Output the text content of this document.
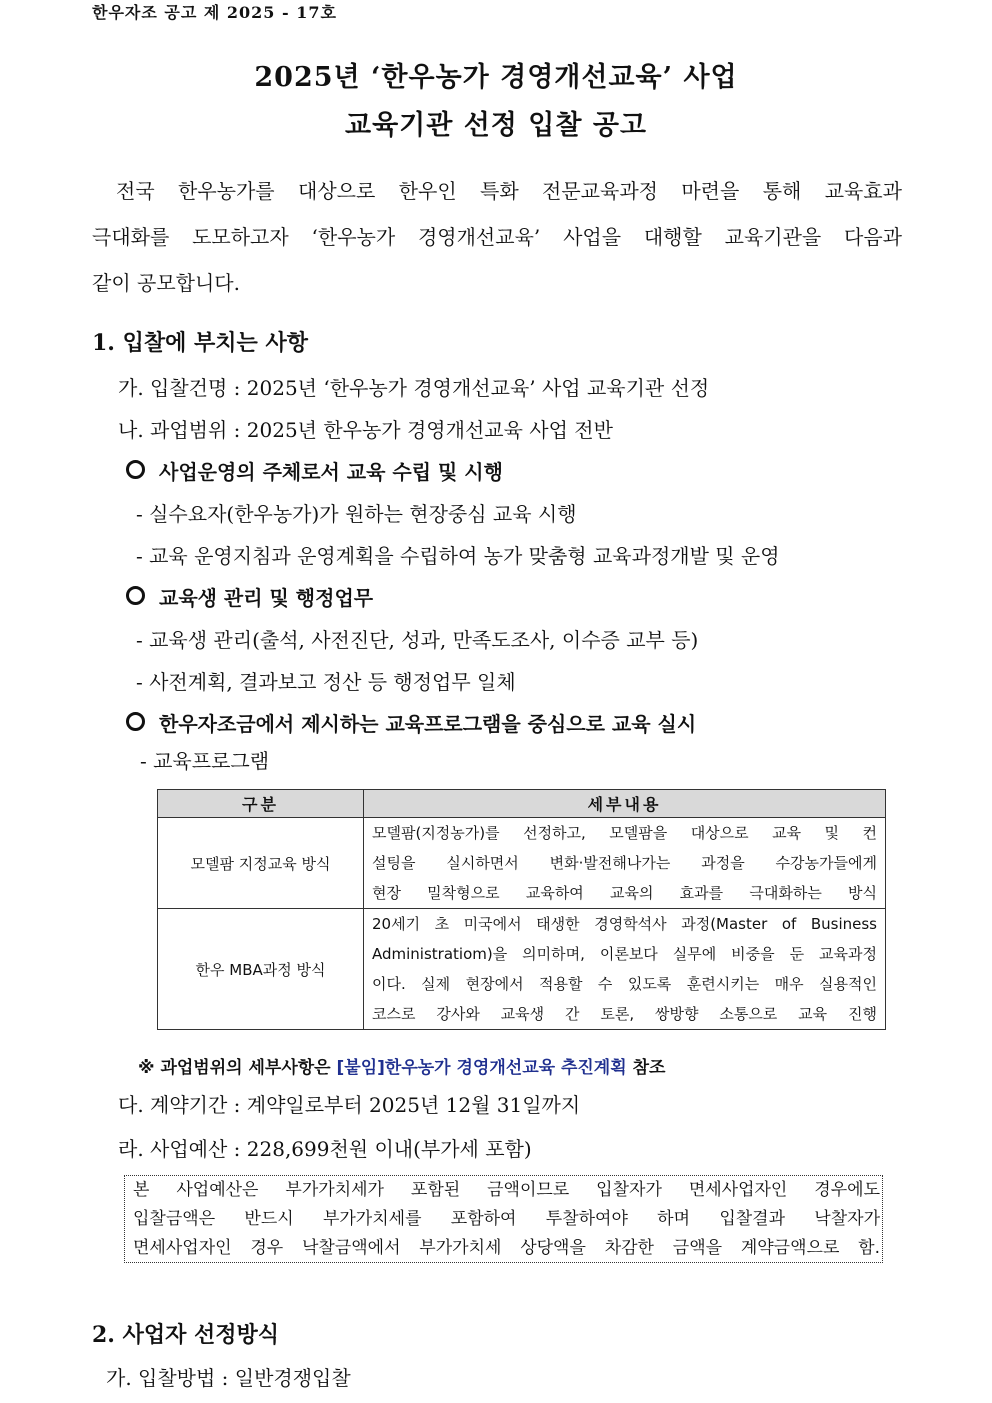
한우자조 공고 제 2025 - 17호
2025년 ‘한우농가 경영개선교육’ 사업
교육기관 선정 입찰 공고
전국 한우농가를 대상으로 한우인 특화 전문교육과정 마련을 통해 교육효과
극대화를 도모하고자 ‘한우농가 경영개선교육’ 사업을 대행할 교육기관을 다음과
같이 공모합니다.
1. 입찰에 부치는 사항
가. 입찰건명 : 2025년 ‘한우농가 경영개선교육’ 사업 교육기관 선정
나. 과업범위 : 2025년 한우농가 경영개선교육 사업 전반
사업운영의 주체로서 교육 수립 및 시행
- 실수요자(한우농가)가 원하는 현장중심 교육 시행
- 교육 운영지침과 운영계획을 수립하여 농가 맞춤형 교육과정개발 및 운영
교육생 관리 및 행정업무
- 교육생 관리(출석, 사전진단, 성과, 만족도조사, 이수증 교부 등)
- 사전계획, 결과보고 정산 등 행정업무 일체
한우자조금에서 제시하는 교육프로그램을 중심으로 교육 실시
- 교육프로그램
구분	세부내용
모델팜 지정교육 방식	모델팜(지정농가)를 선정하고, 모델팜을 대상으로 교육 및 컨
설팅을 실시하면서 변화·발전해나가는 과정을 수강농가들에게
현장 밀착형으로 교육하여 교육의 효과를 극대화하는 방식

한우 MBA과정 방식	20세기 초 미국에서 태생한 경영학석사 과정(Master of Business
Administratiom)을 의미하며, 이론보다 실무에 비중을 둔 교육과정
이다. 실제 현장에서 적용할 수 있도록 훈련시키는 매우 실용적인
코스로 강사와 교육생 간 토론, 쌍방향 소통으로 교육 진행
※ 과업범위의 세부사항은 [붙임]한우농가 경영개선교육 추진계획 참조
다. 계약기간 : 계약일로부터 2025년 12월 31일까지
라. 사업예산 : 228,699천원 이내(부가세 포함)
본 사업예산은 부가가치세가 포함된 금액이므로 입찰자가 면세사업자인 경우에도
입찰금액은 반드시 부가가치세를 포함하여 투찰하여야 하며 입찰결과 낙찰자가
면세사업자인 경우 낙찰금액에서 부가가치세 상당액을 차감한 금액을 계약금액으로 함.
2. 사업자 선정방식
가. 입찰방법 : 일반경쟁입찰
